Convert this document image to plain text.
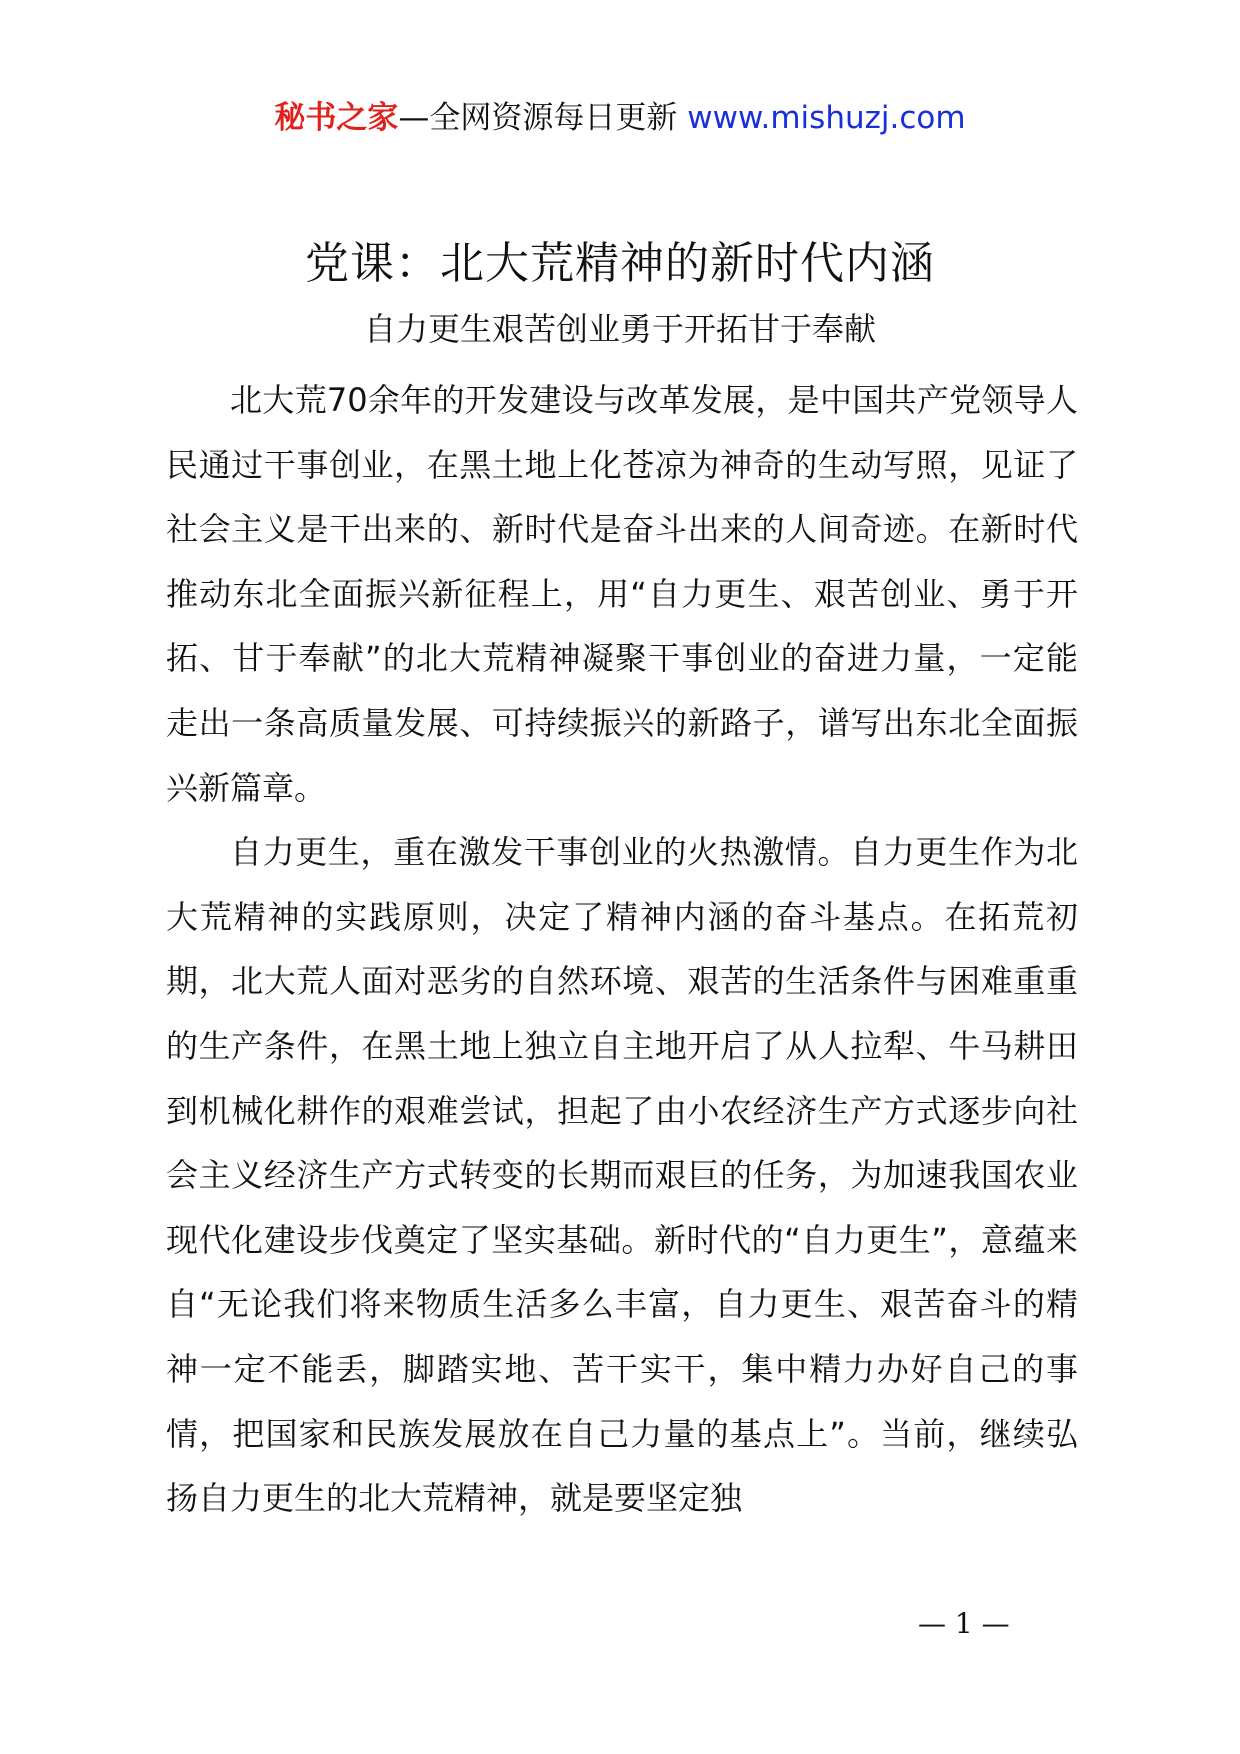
秘书之家—全网资源每日更新 www.mishuzj.com
党课：北大荒精神的新时代内涵
自力更生艰苦创业勇于开拓甘于奉献

北大荒70余年的开发建设与改革发展，是中国共产党领导人民通过干事创业，在黑土地上化苍凉为神奇的生动写照，见证了社会主义是干出来的、新时代是奋斗出来的人间奇迹。在新时代推动东北全面振兴新征程上，用“自力更生、艰苦创业、勇于开拓、甘于奉献”的北大荒精神凝聚干事创业的奋进力量，一定能走出一条高质量发展、可持续振兴的新路子，谱写出东北全面振兴新篇章。

自力更生，重在激发干事创业的火热激情。自力更生作为北大荒精神的实践原则，决定了精神内涵的奋斗基点。在拓荒初期，北大荒人面对恶劣的自然环境、艰苦的生活条件与困难重重的生产条件，在黑土地上独立自主地开启了从人拉犁、牛马耕田到机械化耕作的艰难尝试，担起了由小农经济生产方式逐步向社会主义经济生产方式转变的长期而艰巨的任务，为加速我国农业现代化建设步伐奠定了坚实基础。新时代的“自力更生”，意蕴来自“无论我们将来物质生活多么丰富，自力更生、艰苦奋斗的精神一定不能丢，脚踏实地、苦干实干，集中精力办好自己的事情，把国家和民族发展放在自己力量的基点上”。当前，继续弘扬自力更生的北大荒精神，就是要坚定独

— 1 —
